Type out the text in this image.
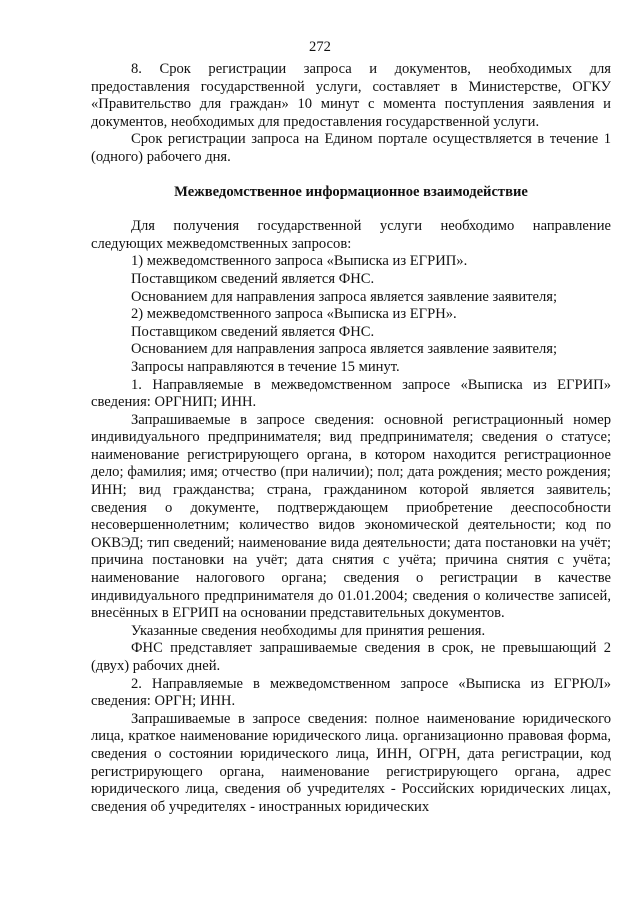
272

8. Срок регистрации запроса и документов, необходимых для предоставления государственной услуги, составляет в Министерстве, ОГКУ «Правительство для граждан» 10 минут с момента поступления заявления и документов, необходимых для предоставления государственной услуги.

Срок регистрации запроса на Едином портале осуществляется в течение 1 (одного) рабочего дня.

Межведомственное информационное взаимодействие

Для получения государственной услуги необходимо направление следующих межведомственных запросов:

1) межведомственного запроса «Выписка из ЕГРИП».

Поставщиком сведений является ФНС.

Основанием для направления запроса является заявление заявителя;

2) межведомственного запроса «Выписка из ЕГРН».

Поставщиком сведений является ФНС.

Основанием для направления запроса является заявление заявителя;

Запросы направляются в течение 15 минут.

1. Направляемые в межведомственном запросе «Выписка из ЕГРИП» сведения: ОРГНИП; ИНН.

Запрашиваемые в запросе сведения: основной регистрационный номер индивидуального предпринимателя; вид предпринимателя; сведения о статусе; наименование регистрирующего органа, в котором находится регистрационное дело; фамилия; имя; отчество (при наличии); пол; дата рождения; место рождения; ИНН; вид гражданства; страна, гражданином которой является заявитель; сведения о документе, подтверждающем приобретение дееспособности несовершеннолетним; количество видов экономической деятельности; код по ОКВЭД; тип сведений; наименование вида деятельности; дата постановки на учёт; причина постановки на учёт; дата снятия с учёта; причина снятия с учёта; наименование налогового органа; сведения о регистрации в качестве индивидуального предпринимателя до 01.01.2004; сведения о количестве записей, внесённых в ЕГРИП на основании представительных документов.

Указанные сведения необходимы для принятия решения.

ФНС представляет запрашиваемые сведения в срок, не превышающий 2 (двух) рабочих дней.

2. Направляемые в межведомственном запросе «Выписка из ЕГРЮЛ» сведения: ОРГН; ИНН.

Запрашиваемые в запросе сведения: полное наименование юридического лица, краткое наименование юридического лица. организационно правовая форма, сведения о состоянии юридического лица, ИНН, ОГРН, дата регистрации, код регистрирующего органа, наименование регистрирующего органа, адрес юридического лица, сведения об учредителях - Российских юридических лицах, сведения об учредителях - иностранных юридических
